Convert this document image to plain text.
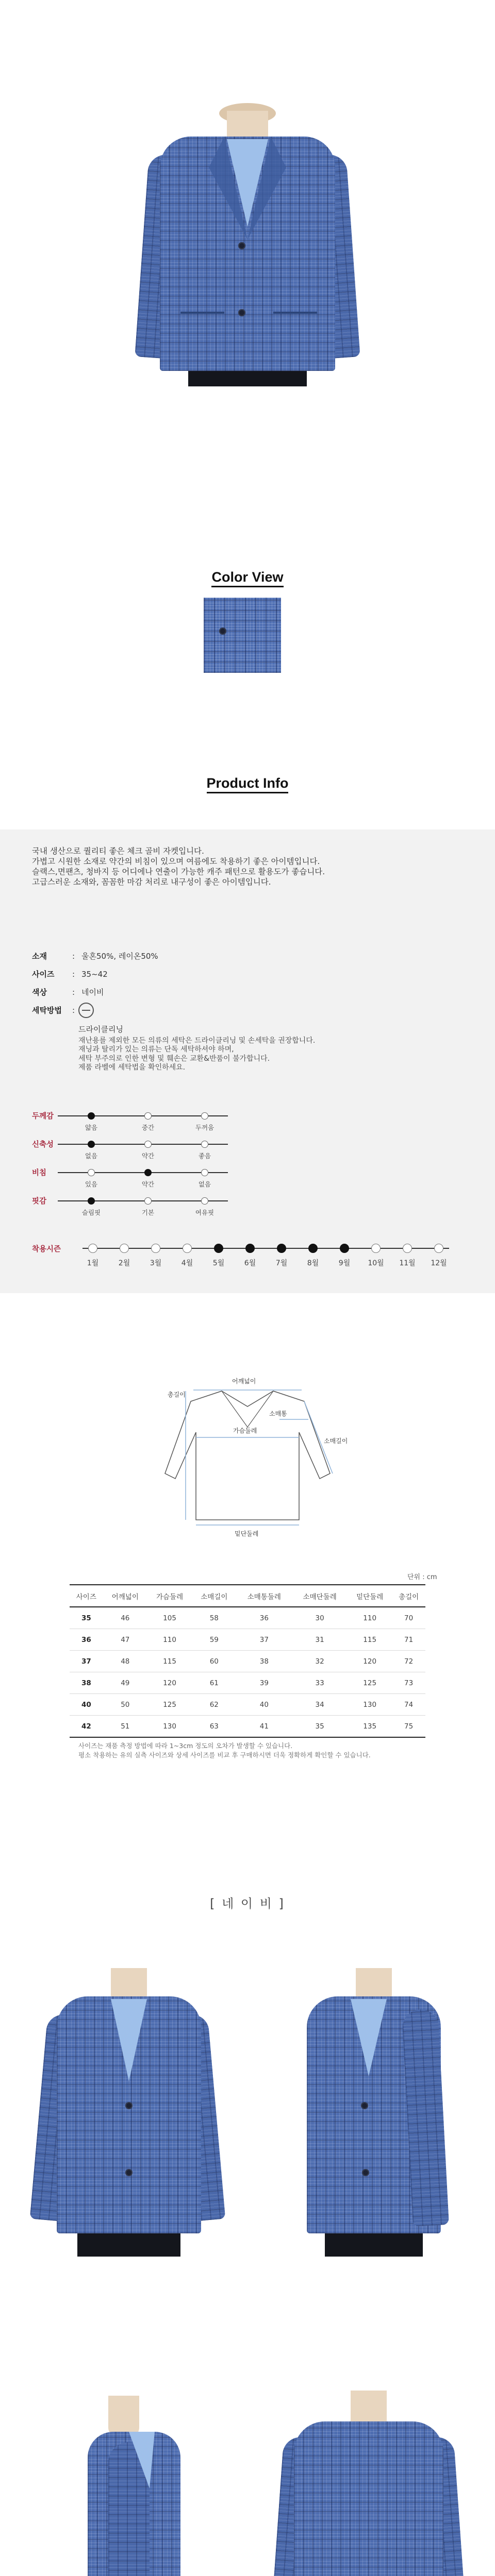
Color View
Product Info
국내 생산으로 퀄리티 좋은 체크 골비 자켓입니다.
가볍고 시원한 소재로 약간의 비침이 있으며 여름에도 착용하기 좋은 아이템입니다.
슬랙스,면팬츠, 청바지 등 어디에나 연출이 가능한 캐주 패턴으로 활용도가 좋습니다.
고급스러운 소재와, 꼼꼼한 마감 처리로 내구성이 좋은 아이템입니다.
소재	: 울혼50%, 레이온50%
사이즈 : 35~42
색상	: 네이비
세탁방법 :
드라이클리닝
재난용를 제외한 모든 의류의 세탁은 드라이클리닝 및 손세탁을 권장합니다.
재닝과 탈리가 있는 의류는 단독 세탁하셔야 하며,
세탁 부주의로 인한 변형 및 훼손은 교환&반품이 불가합니다.
제품 라벨에 세탁법을 확인하세요.
두께감
얇음	중간	두꺼움
신축성
없음	약간	좋음
비침
있음	약간	없음
핏감
슬림핏	기본	여유핏
착용시즌
1월	2월	3월	4월	5월	6월	7월	8월	9월 10월 11월 12월
어깨넓이
가슴둘레
총길이
소매통
소매길이
밑단둘레
단위 : cm
사이즈	어깨넓이	가슴둘레	소매길이	소매통둘레	소매단둘레	밑단둘레	총길이
35	46	105	58	36	30	110	70
36	47	110	59	37	31	115	71
37	48	115	60	38	32	120	72
38	49	120	61	39	33	125	73
40	50	125	62	40	34	130	74
42	51	130	63	41	35	135	75
사이즈는 재품 측정 방법에 따라 1~3cm 정도의 오차가 발생할 수 있습니다.
평소 착용하는 유의 실측 사이즈와 상세 사이즈를 비교 후 구매하시면 더욱 정확하게 확인할 수 있습니다.
[ 네 이 비 ]
